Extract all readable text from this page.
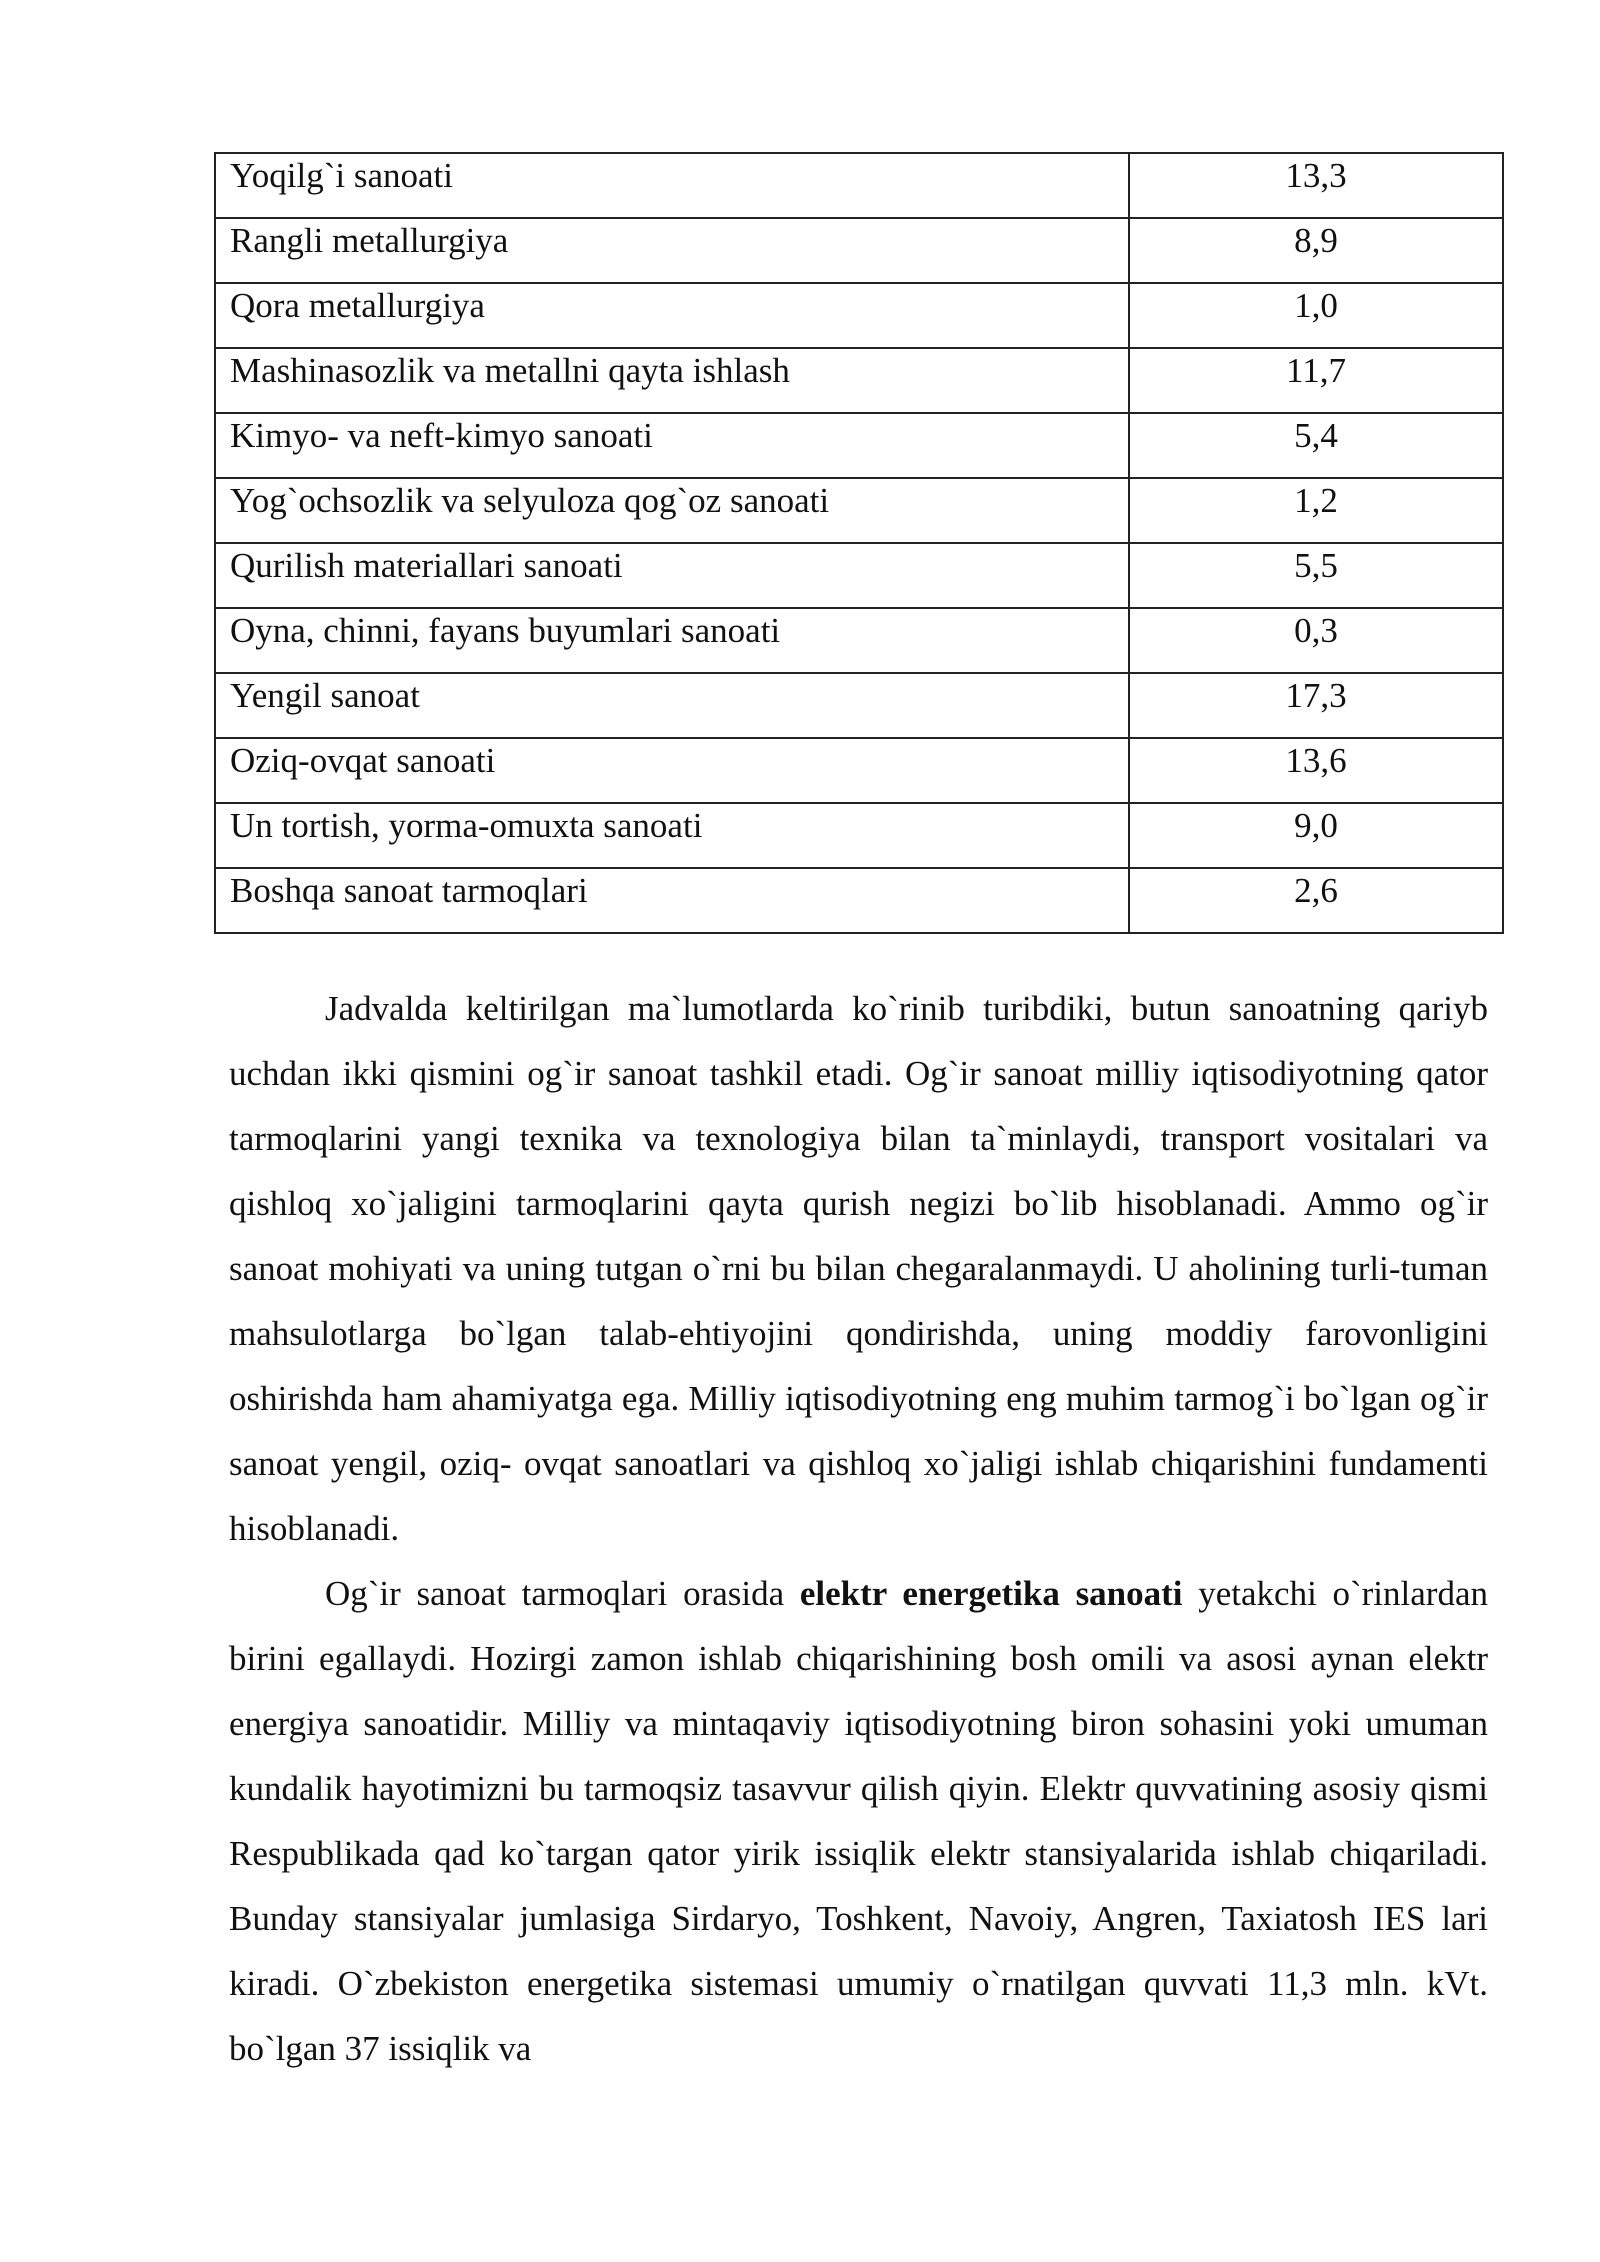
Yoqilg`i sanoati	13,3
Rangli metallurgiya	8,9
Qora metallurgiya	1,0
Mashinasozlik va metallni qayta ishlash	11,7
Kimyo- va neft-kimyo sanoati	5,4
Yog`ochsozlik va selyuloza qog`oz sanoati	1,2
Qurilish materiallari sanoati	5,5
Oyna, chinni, fayans buyumlari sanoati	0,3
Yengil sanoat	17,3
Oziq-ovqat sanoati	13,6
Un tortish, yorma-omuxta sanoati	9,0
Boshqa sanoat tarmoqlari	2,6

Jadvalda keltirilgan ma`lumotlarda ko`rinib turibdiki, butun sanoatning qariyb uchdan ikki qismini og`ir sanoat tashkil etadi. Og`ir sanoat milliy iqtisodiyotning qator tarmoqlarini yangi texnika va texnologiya bilan ta`minlaydi, transport vositalari va qishloq xo`jaligini tarmoqlarini qayta qurish negizi bo`lib hisoblanadi. Ammo og`ir sanoat mohiyati va uning tutgan o`rni bu bilan chegaralanmaydi. U aholining turli-tuman mahsulotlarga bo`lgan talab-ehtiyojini qondirishda, uning moddiy farovonligini oshirishda ham ahamiyatga ega. Milliy iqtisodiyotning eng muhim tarmog`i bo`lgan og`ir sanoat yengil, oziq- ovqat sanoatlari va qishloq xo`jaligi ishlab chiqarishini fundamenti hisoblanadi.

Og`ir sanoat tarmoqlari orasida elektr energetika sanoati yetakchi o`rinlardan birini egallaydi. Hozirgi zamon ishlab chiqarishining bosh omili va asosi aynan elektr energiya sanoatidir. Milliy va mintaqaviy iqtisodiyotning biron sohasini yoki umuman kundalik hayotimizni bu tarmoqsiz tasavvur qilish qiyin. Elektr quvvatining asosiy qismi Respublikada qad ko`targan qator yirik issiqlik elektr stansiyalarida ishlab chiqariladi. Bunday stansiyalar jumlasiga Sirdaryo, Toshkent, Navoiy, Angren, Taxiatosh IES lari kiradi. O`zbekiston energetika sistemasi umumiy o`rnatilgan quvvati 11,3 mln. kVt. bo`lgan 37 issiqlik va
